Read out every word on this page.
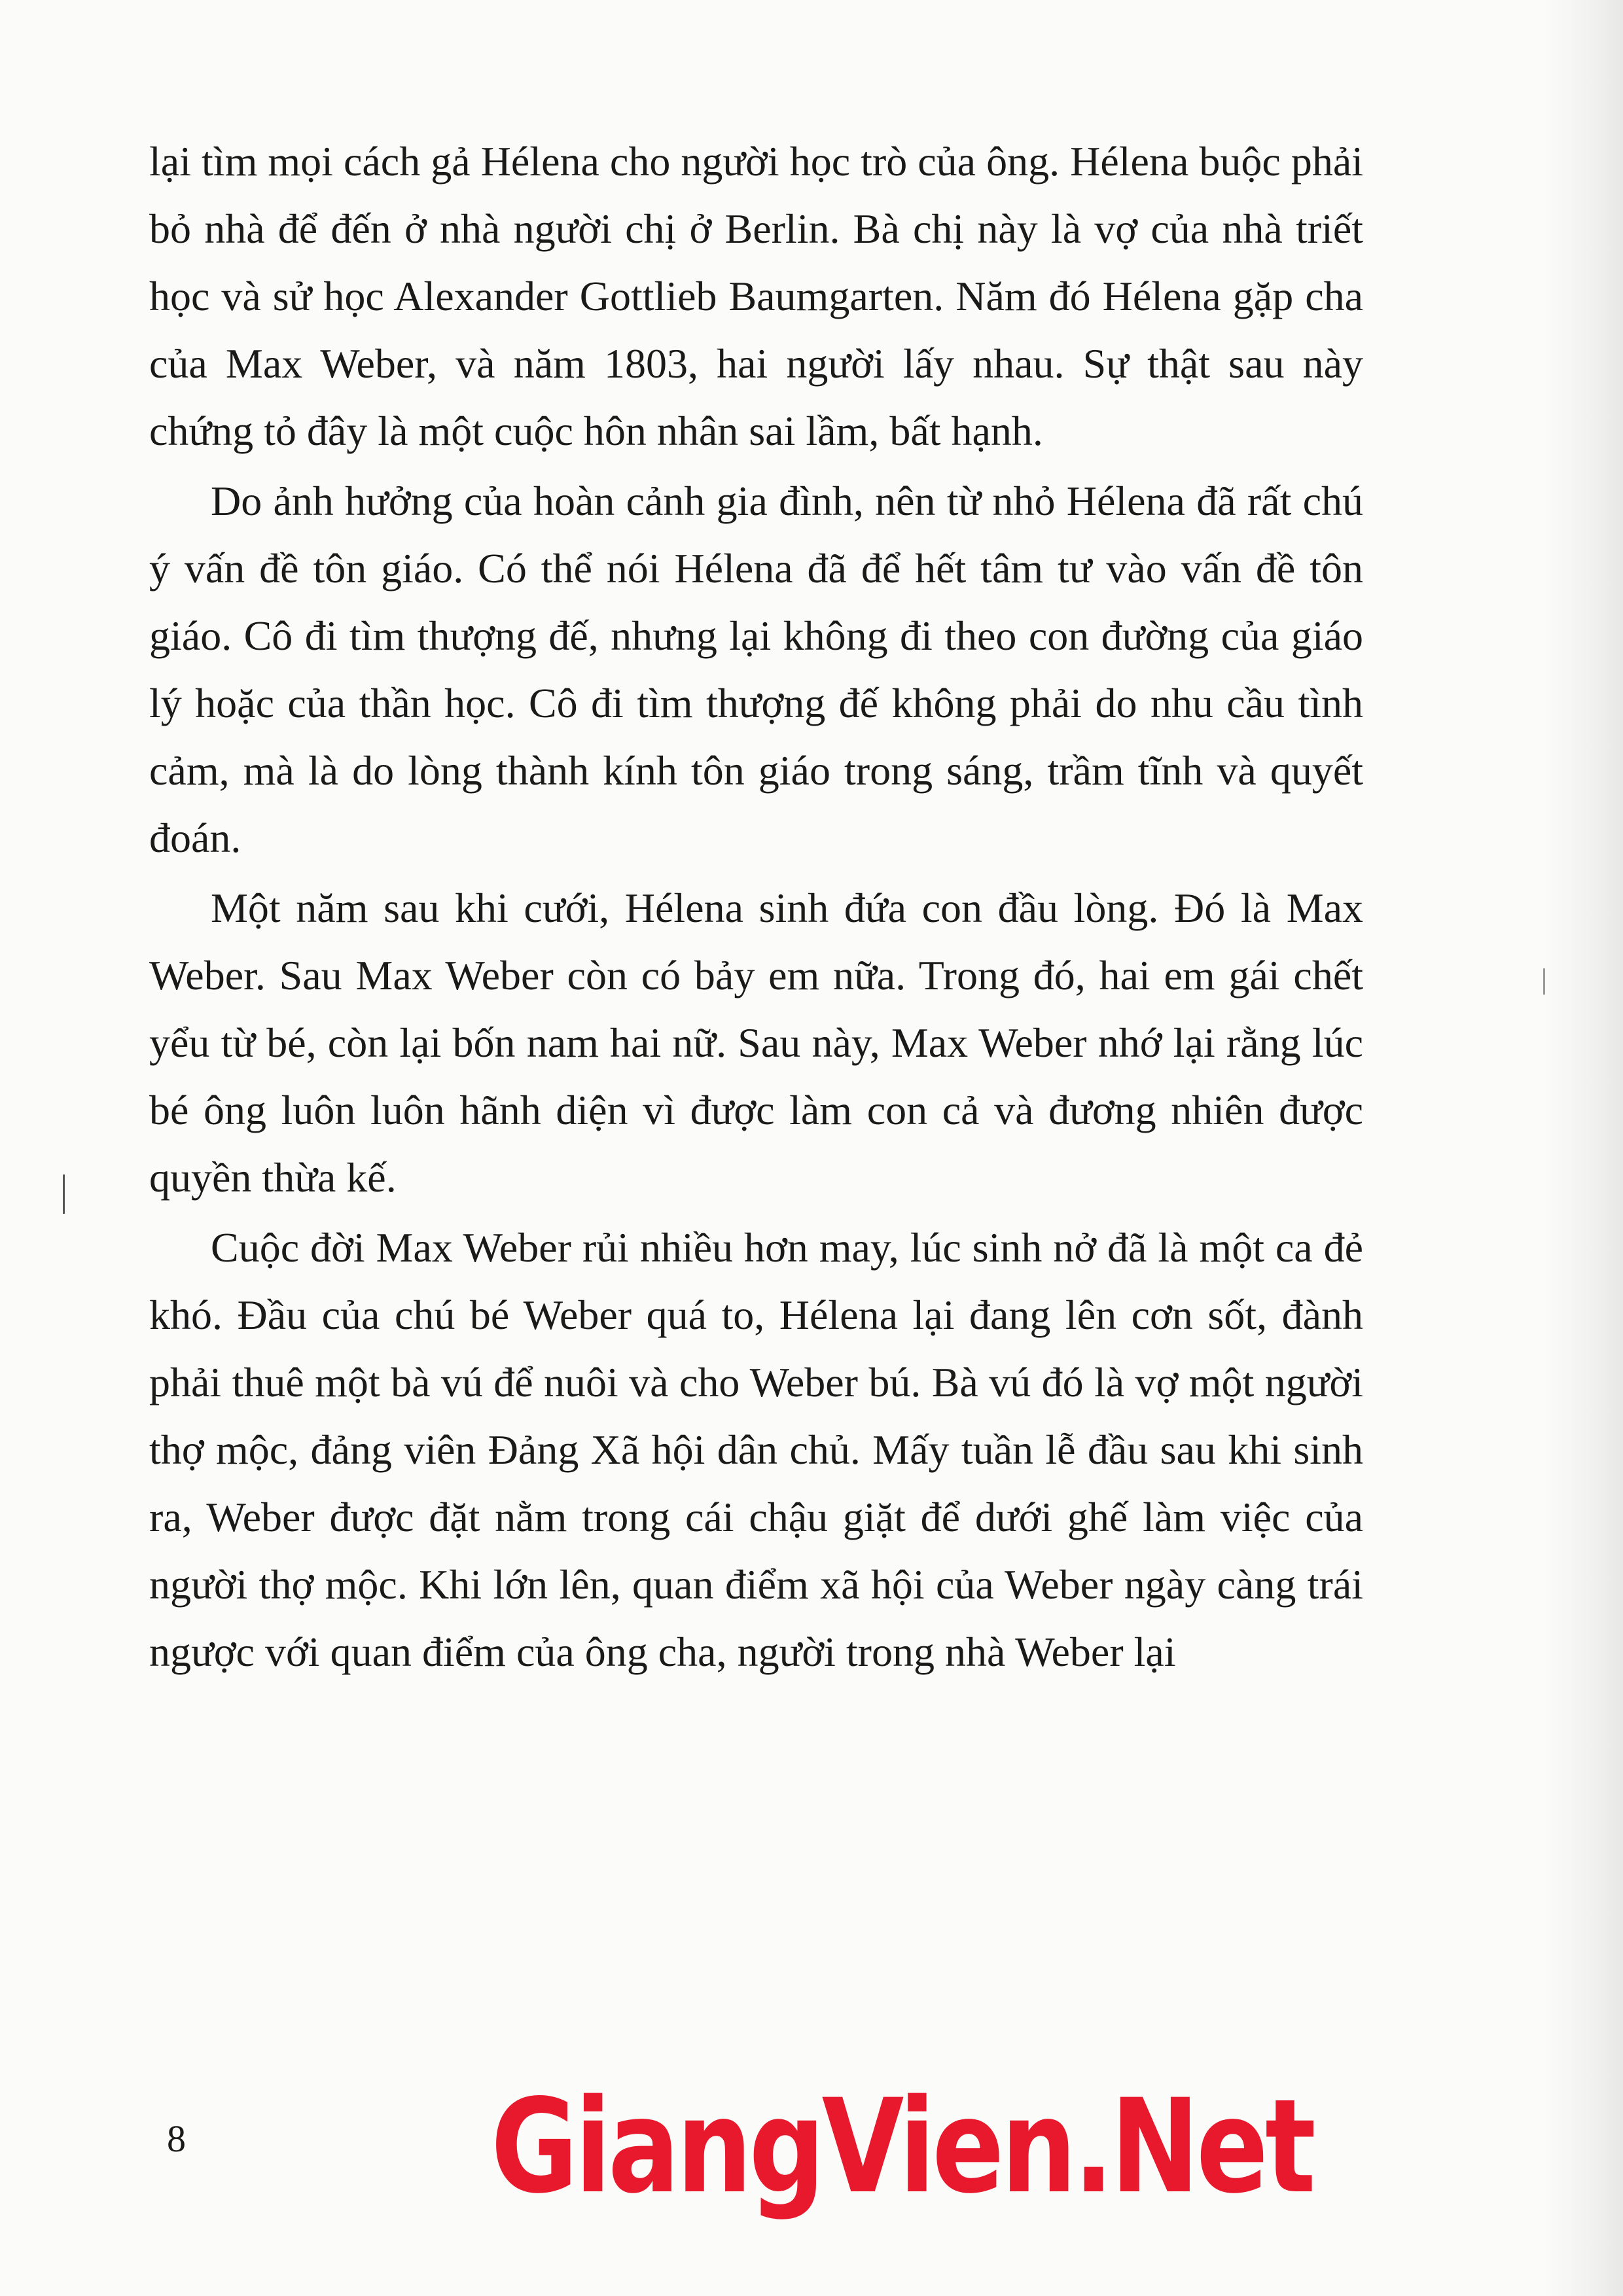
lại tìm mọi cách gả Hélena cho người học trò của ông. Hélena buộc phải bỏ nhà để đến ở nhà người chị ở Berlin. Bà chị này là vợ của nhà triết học và sử học Alexander Gottlieb Baumgarten. Năm đó Hélena gặp cha của Max Weber, và năm 1803, hai người lấy nhau. Sự thật sau này chứng tỏ đây là một cuộc hôn nhân sai lầm, bất hạnh.

Do ảnh hưởng của hoàn cảnh gia đình, nên từ nhỏ Hélena đã rất chú ý vấn đề tôn giáo. Có thể nói Hélena đã để hết tâm tư vào vấn đề tôn giáo. Cô đi tìm thượng đế, nhưng lại không đi theo con đường của giáo lý hoặc của thần học. Cô đi tìm thượng đế không phải do nhu cầu tình cảm, mà là do lòng thành kính tôn giáo trong sáng, trầm tĩnh và quyết đoán.

Một năm sau khi cưới, Hélena sinh đứa con đầu lòng. Đó là Max Weber. Sau Max Weber còn có bảy em nữa. Trong đó, hai em gái chết yểu từ bé, còn lại bốn nam hai nữ. Sau này, Max Weber nhớ lại rằng lúc bé ông luôn luôn hãnh diện vì được làm con cả và đương nhiên được quyền thừa kế.

Cuộc đời Max Weber rủi nhiều hơn may, lúc sinh nở đã là một ca đẻ khó. Đầu của chú bé Weber quá to, Hélena lại đang lên cơn sốt, đành phải thuê một bà vú để nuôi và cho Weber bú. Bà vú đó là vợ một người thợ mộc, đảng viên Đảng Xã hội dân chủ. Mấy tuần lễ đầu sau khi sinh ra, Weber được đặt nằm trong cái chậu giặt để dưới ghế làm việc của người thợ mộc. Khi lớn lên, quan điểm xã hội của Weber ngày càng trái ngược với quan điểm của ông cha, người trong nhà Weber lại

8 GiangVien.Net
